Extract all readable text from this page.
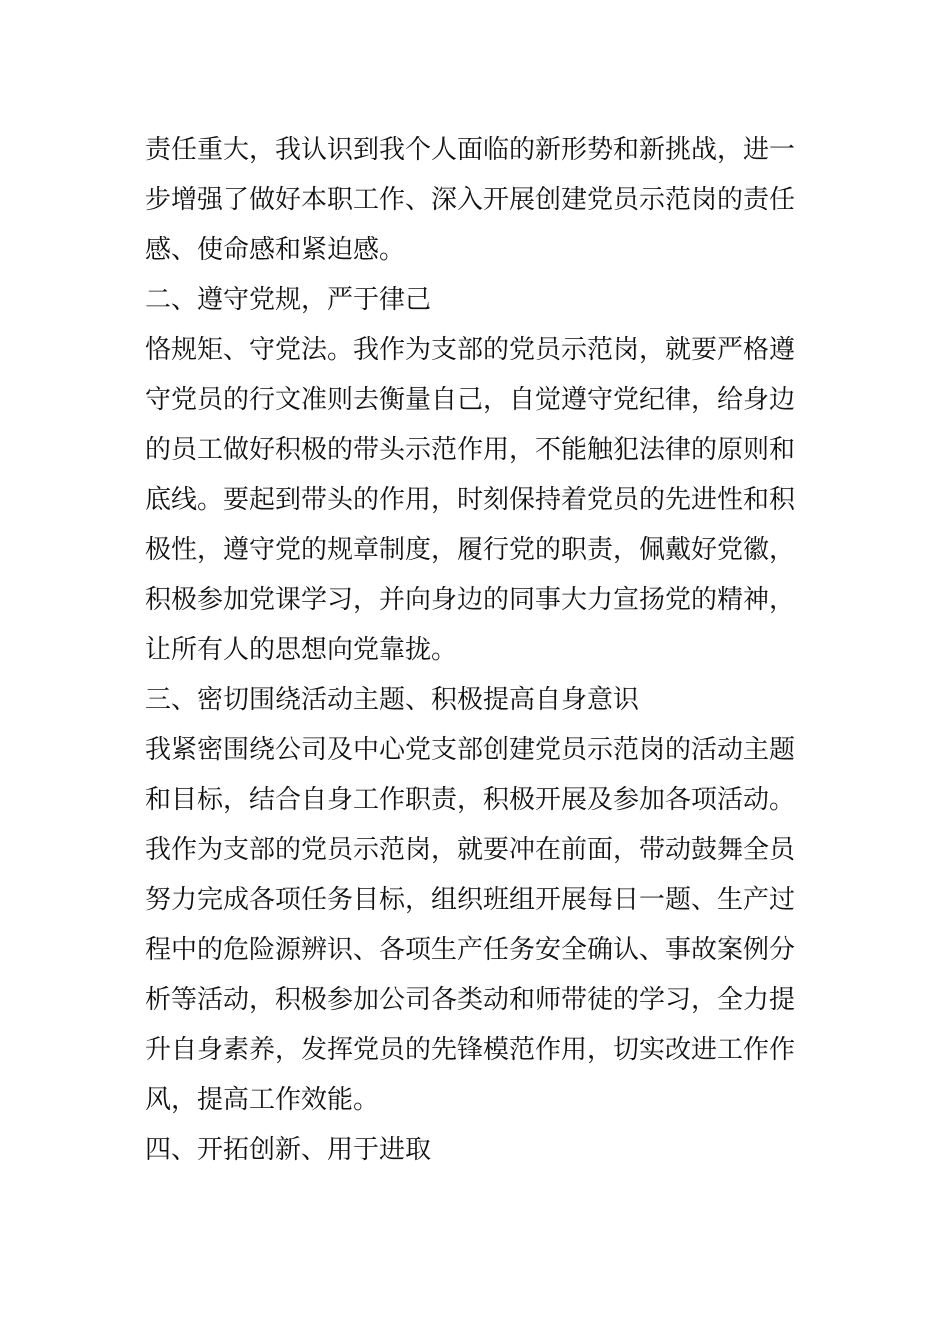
责任重大，我认识到我个人面临的新形势和新挑战，进一
步增强了做好本职工作、深入开展创建党员示范岗的责任
感、使命感和紧迫感。
二、遵守党规，严于律己
恪规矩、守党法。我作为支部的党员示范岗，就要严格遵
守党员的行文准则去衡量自己，自觉遵守党纪律，给身边
的员工做好积极的带头示范作用，不能触犯法律的原则和
底线。要起到带头的作用，时刻保持着党员的先进性和积
极性，遵守党的规章制度，履行党的职责，佩戴好党徽，
积极参加党课学习，并向身边的同事大力宣扬党的精神，
让所有人的思想向党靠拢。
三、密切围绕活动主题、积极提高自身意识
我紧密围绕公司及中心党支部创建党员示范岗的活动主题
和目标，结合自身工作职责，积极开展及参加各项活动。
我作为支部的党员示范岗，就要冲在前面，带动鼓舞全员
努力完成各项任务目标，组织班组开展每日一题、生产过
程中的危险源辨识、各项生产任务安全确认、事故案例分
析等活动，积极参加公司各类动和师带徒的学习，全力提
升自身素养，发挥党员的先锋模范作用，切实改进工作作
风，提高工作效能。
四、开拓创新、用于进取
